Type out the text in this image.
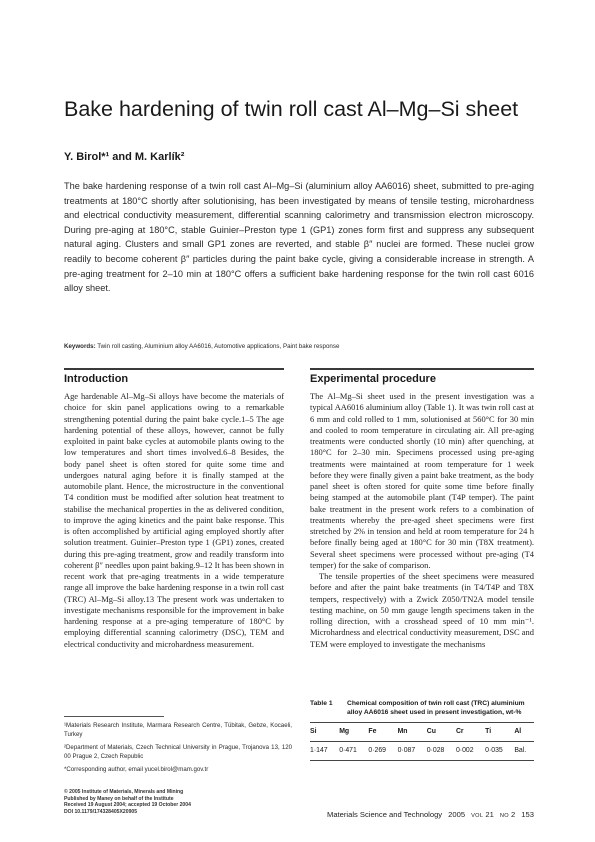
Bake hardening of twin roll cast Al–Mg–Si sheet
Y. Birol*¹ and M. Karlík²
The bake hardening response of a twin roll cast Al–Mg–Si (aluminium alloy AA6016) sheet, submitted to pre-aging treatments at 180°C shortly after solutionising, has been investigated by means of tensile testing, microhardness and electrical conductivity measurement, differential scanning calorimetry and transmission electron microscopy. During pre-aging at 180°C, stable Guinier–Preston type 1 (GP1) zones form first and suppress any subsequent natural aging. Clusters and small GP1 zones are reverted, and stable β″ nuclei are formed. These nuclei grow readily to become coherent β″ particles during the paint bake cycle, giving a considerable increase in strength. A pre-aging treatment for 2–10 min at 180°C offers a sufficient bake hardening response for the twin roll cast 6016 alloy sheet.
Keywords: Twin roll casting, Aluminium alloy AA6016, Automotive applications, Paint bake response
Introduction

Age hardenable Al–Mg–Si alloys have become the materials of choice for skin panel applications owing to a remarkable strengthening potential during the paint bake cycle.1–5 The age hardening potential of these alloys, however, cannot be fully exploited in paint bake cycles at automobile plants owing to the low temperatures and short times involved.6–8 Besides, the body panel sheet is often stored for quite some time and undergoes natural aging before it is finally stamped at the automobile plant. Hence, the microstructure in the conventional T4 condition must be modified after solution heat treatment to stabilise the mechanical properties in the as delivered condition, to improve the aging kinetics and the paint bake response. This is often accomplished by artificial aging employed shortly after solution treatment. Guinier–Preston type 1 (GP1) zones, created during this pre-aging treatment, grow and readily transform into coherent β″ needles upon paint baking.9–12 It has been shown in recent work that pre-aging treatments in a wide temperature range all improve the bake hardening response in a twin roll cast (TRC) Al–Mg–Si alloy.13 The present work was undertaken to investigate mechanisms responsible for the improvement in bake hardening response at a pre-aging temperature of 180°C by employing differential scanning calorimetry (DSC), TEM and electrical conductivity and microhardness measurement.

Experimental procedure

The Al–Mg–Si sheet used in the present investigation was a typical AA6016 aluminium alloy (Table 1). It was twin roll cast at 6 mm and cold rolled to 1 mm, solutionised at 560°C for 30 min and cooled to room temperature in circulating air. All pre-aging treatments were conducted shortly (10 min) after quenching, at 180°C for 2–30 min. Specimens processed using pre-aging treatments were maintained at room temperature for 1 week before they were finally given a paint bake treatment, as the body panel sheet is often stored for quite some time before finally being stamped at the automobile plant (T4P temper). The paint bake treatment in the present work refers to a combination of treatments whereby the pre-aged sheet specimens were first stretched by 2% in tension and held at room temperature for 24 h before finally being aged at 180°C for 30 min (T8X treatment). Several sheet specimens were processed without pre-aging (T4 temper) for the sake of comparison.

The tensile properties of the sheet specimens were measured before and after the paint bake treatments (in T4/T4P and T8X tempers, respectively) with a Zwick Z050/TN2A model tensile testing machine, on 50 mm gauge length specimens taken in the rolling direction, with a crosshead speed of 10 mm min⁻¹. Microhardness and electrical conductivity measurement, DSC and TEM were employed to investigate the mechanisms

¹Materials Research Institute, Marmara Research Centre, Tübitak, Gebze, Kocaeli, Turkey

²Department of Materials, Czech Technical University in Prague, Trojanova 13, 120 00 Prague 2, Czech Republic

*Corresponding author, email yucel.birol@mam.gov.tr

Table 1	Chemical composition of twin roll cast (TRC) aluminium alloy AA6016 sheet used in present investigation, wt-%
Si	Mg	Fe	Mn	Cu	Cr	Ti	Al

1·147	0·471	0·269	0·087	0·028	0·002	0·035	Bal.
© 2005 Institute of Materials, Minerals and Mining
Published by Maney on behalf of the Institute
Received 19 August 2004; accepted 19 October 2004
DOI 10.1179/174328405X20905	Materials Science and Technology 2005 VOL 21 NO 2 153
